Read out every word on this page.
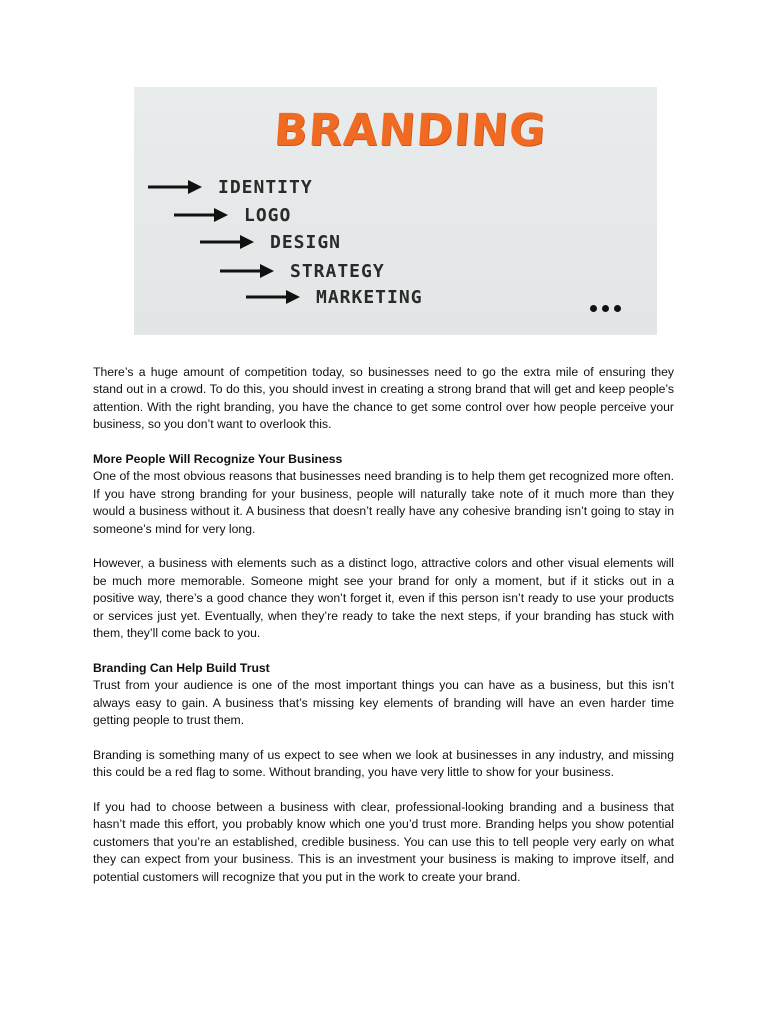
BRANDING
IDENTITY
LOGO
DESIGN
STRATEGY
MARKETING

There’s a huge amount of competition today, so businesses need to go the extra mile of ensuring they stand out in a crowd. To do this, you should invest in creating a strong brand that will get and keep people’s attention. With the right branding, you have the chance to get some control over how people perceive your business, so you don’t want to overlook this.

More People Will Recognize Your Business

One of the most obvious reasons that businesses need branding is to help them get recognized more often. If you have strong branding for your business, people will naturally take note of it much more than they would a business without it. A business that doesn’t really have any cohesive branding isn’t going to stay in someone’s mind for very long.

However, a business with elements such as a distinct logo, attractive colors and other visual elements will be much more memorable. Someone might see your brand for only a moment, but if it sticks out in a positive way, there’s a good chance they won’t forget it, even if this person isn’t ready to use your products or services just yet. Eventually, when they’re ready to take the next steps, if your branding has stuck with them, they’ll come back to you.

Branding Can Help Build Trust

Trust from your audience is one of the most important things you can have as a business, but this isn’t always easy to gain. A business that’s missing key elements of branding will have an even harder time getting people to trust them.

Branding is something many of us expect to see when we look at businesses in any industry, and missing this could be a red flag to some. Without branding, you have very little to show for your business.

If you had to choose between a business with clear, professional-looking branding and a business that hasn’t made this effort, you probably know which one you’d trust more. Branding helps you show potential customers that you’re an established, credible business. You can use this to tell people very early on what they can expect from your business. This is an investment your business is making to improve itself, and potential customers will recognize that you put in the work to create your brand.
